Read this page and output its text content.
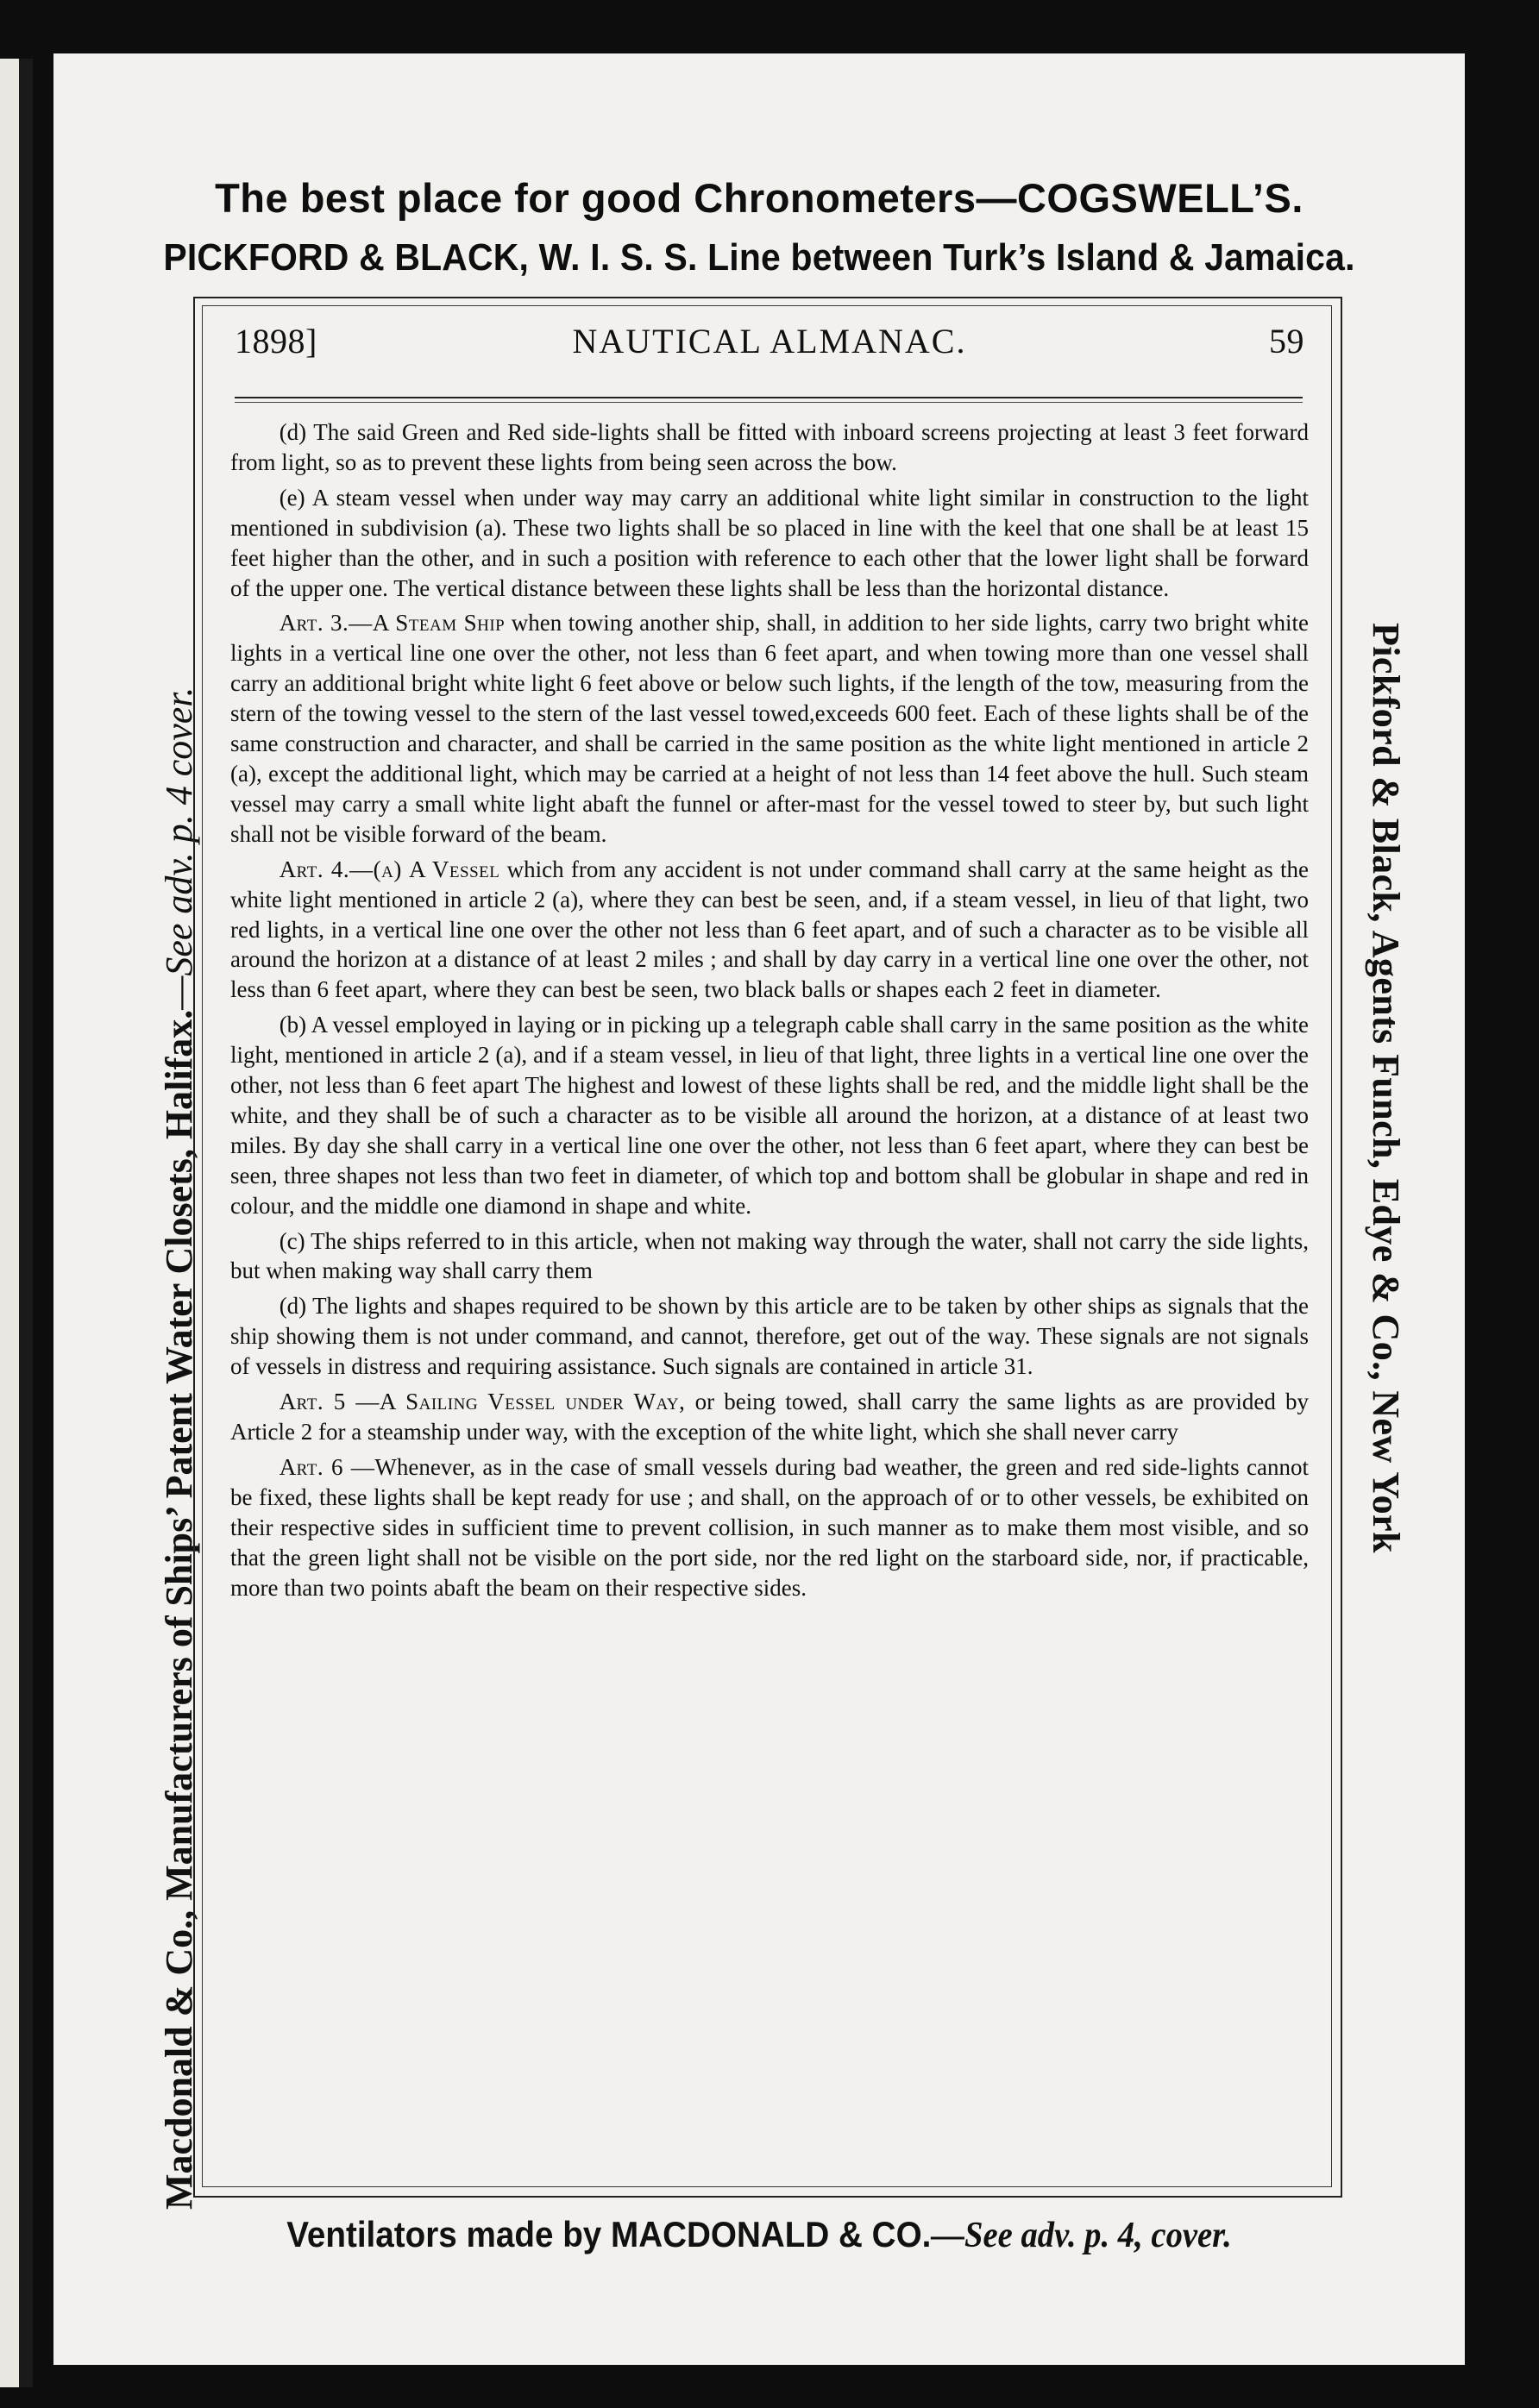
The best place for good Chronometers—COGSWELL’S.
PICKFORD & BLACK, W. I. S. S. Line between Turk’s Island & Jamaica.
Macdonald & Co., Manufacturers of Ships’ Patent Water Closets, Halifax.—See adv. p. 4 cover.	Pickford & Black, Agents Funch, Edye & Co., New York
1898]	NAUTICAL ALMANAC.	59

(d) The said Green and Red side-lights shall be fitted with inboard screens projecting at least 3 feet forward from light, so as to prevent these lights from being seen across the bow.

(e) A steam vessel when under way may carry an additional white light similar in construction to the light mentioned in subdivision (a). These two lights shall be so placed in line with the keel that one shall be at least 15 feet higher than the other, and in such a position with reference to each other that the lower light shall be forward of the upper one. The vertical distance between these lights shall be less than the horizontal distance.

Art. 3.—A Steam Ship when towing another ship, shall, in addition to her side lights, carry two bright white lights in a vertical line one over the other, not less than 6 feet apart, and when towing more than one vessel shall carry an additional bright white light 6 feet above or below such lights, if the length of the tow, measuring from the stern of the towing vessel to the stern of the last vessel towed,exceeds 600 feet. Each of these lights shall be of the same construction and character, and shall be carried in the same position as the white light mentioned in article 2 (a), except the additional light, which may be carried at a height of not less than 14 feet above the hull. Such steam vessel may carry a small white light abaft the funnel or after-mast for the vessel towed to steer by, but such light shall not be visible forward of the beam.

Art. 4.—(a) A Vessel which from any accident is not under command shall carry at the same height as the white light mentioned in article 2 (a), where they can best be seen, and, if a steam vessel, in lieu of that light, two red lights, in a vertical line one over the other not less than 6 feet apart, and of such a character as to be visible all around the horizon at a distance of at least 2 miles ; and shall by day carry in a vertical line one over the other, not less than 6 feet apart, where they can best be seen, two black balls or shapes each 2 feet in diameter.

(b) A vessel employed in laying or in picking up a telegraph cable shall carry in the same position as the white light, mentioned in article 2 (a), and if a steam vessel, in lieu of that light, three lights in a vertical line one over the other, not less than 6 feet apart The highest and lowest of these lights shall be red, and the middle light shall be the white, and they shall be of such a character as to be visible all around the horizon, at a distance of at least two miles. By day she shall carry in a vertical line one over the other, not less than 6 feet apart, where they can best be seen, three shapes not less than two feet in diameter, of which top and bottom shall be globular in shape and red in colour, and the middle one diamond in shape and white.

(c) The ships referred to in this article, when not making way through the water, shall not carry the side lights, but when making way shall carry them

(d) The lights and shapes required to be shown by this article are to be taken by other ships as signals that the ship showing them is not under command, and cannot, therefore, get out of the way. These signals are not signals of vessels in distress and requiring assistance. Such signals are contained in article 31.

Art. 5 —A Sailing Vessel under Way, or being towed, shall carry the same lights as are provided by Article 2 for a steamship under way, with the exception of the white light, which she shall never carry

Art. 6 —Whenever, as in the case of small vessels during bad weather, the green and red side-lights cannot be fixed, these lights shall be kept ready for use ; and shall, on the approach of or to other vessels, be exhibited on their respective sides in sufficient time to prevent collision, in such manner as to make them most visible, and so that the green light shall not be visible on the port side, nor the red light on the starboard side, nor, if practicable, more than two points abaft the beam on their respective sides.

Ventilators made by MACDONALD & CO.—See adv. p. 4, cover.
